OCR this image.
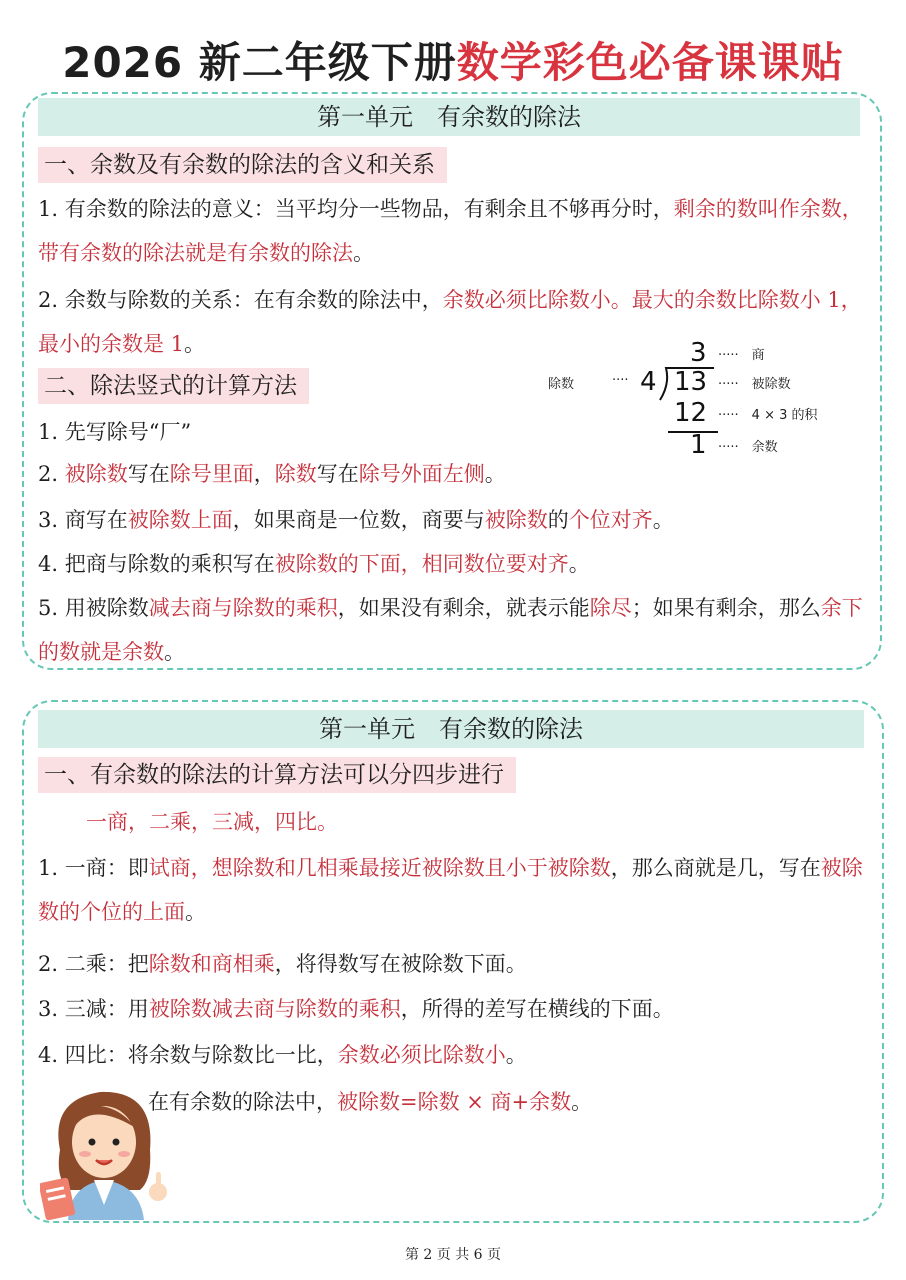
2026 新二年级下册数学彩色必备课课贴
第一单元　有余数的除法
一、余数及有余数的除法的含义和关系
1. 有余数的除法的意义：当平均分一些物品，有剩余且不够再分时，剩余的数叫作余数，带有余数的除法就是有余数的除法。
2. 余数与除数的关系：在有余数的除法中，余数必须比除数小。最大的余数比除数小 1，最小的余数是 1。
二、除法竖式的计算方法
1. 先写除号“厂”
2. 被除数写在除号里面，除数写在除号外面左侧。
3. 商写在被除数上面，如果商是一位数，商要与被除数的个位对齐。
4. 把商与除数的乘积写在被除数的下面，相同数位要对齐。
5. 用被除数减去商与除数的乘积，如果没有剩余，就表示能除尽；如果有剩余，那么余下的数就是余数。
3 ·····　商
除数	···· 4 13 ·····　被除数
12 ·····　4 × 3 的积
1 ·····　余数
第一单元　有余数的除法
一、有余数的除法的计算方法可以分四步进行
一商，二乘，三减，四比。
1. 一商：即试商，想除数和几相乘最接近被除数且小于被除数，那么商就是几，写在被除数的个位的上面。
2. 二乘：把除数和商相乘，将得数写在被除数下面。
3. 三减：用被除数减去商与除数的乘积，所得的差写在横线的下面。
4. 四比：将余数与除数比一比，余数必须比除数小。
在有余数的除法中，被除数=除数 × 商+余数。
第 2 页 共 6 页
